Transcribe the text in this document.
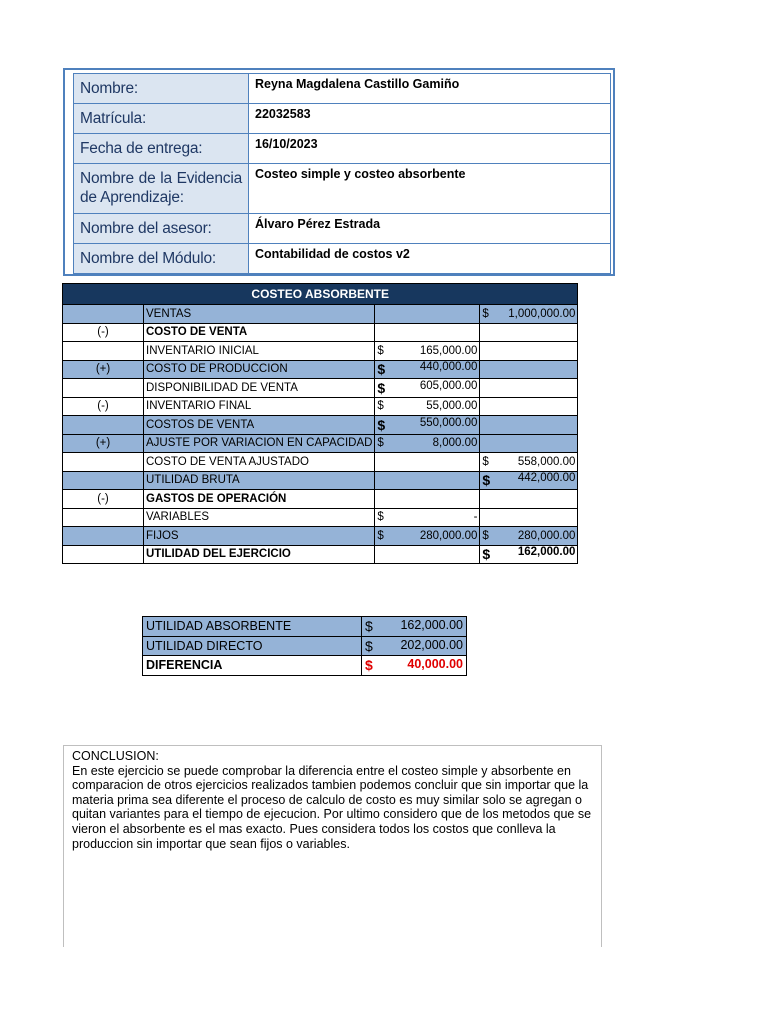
Nombre:	Reyna Magdalena Castillo Gamiño
Matrícula:	22032583
Fecha de entrega:	16/10/2023
Nombre de la Evidencia de Aprendizaje:	Costeo simple y costeo absorbente
Nombre del asesor:	Álvaro Pérez Estrada
Nombre del Módulo:	Contabilidad de costos v2
COSTEO ABSORBENTE			
	VENTAS		$ 1,000,000.00

(-)	COSTO DE VENTA		
	INVENTARIO INICIAL	$ 165,000.00	

(+)	COSTO DE PRODUCCION	$ 440,000.00	

	DISPONIBILIDAD DE VENTA	$ 605,000.00	

(-)	INVENTARIO FINAL	$ 55,000.00	

	COSTOS DE VENTA	$ 550,000.00	

(+)	AJUSTE POR VARIACION EN CAPACIDAD	$ 8,000.00	

	COSTO DE VENTA AJUSTADO		$ 558,000.00

	UTILIDAD BRUTA		$ 442,000.00

(-)	GASTOS DE OPERACIÓN		
	VARIABLES	$ -	

	FIJOS	$ 280,000.00	$ 280,000.00

	UTILIDAD DEL EJERCICIO		$ 162,000.00
UTILIDAD ABSORBENTE	$ 162,000.00

UTILIDAD DIRECTO	$ 202,000.00

DIFERENCIA	$ 40,000.00

CONCLUSION:

En este ejercicio se puede comprobar la diferencia entre el costeo simple y absorbente en comparacion de otros ejercicios realizados tambien podemos concluir que sin importar que la materia prima sea diferente el proceso de calculo de costo es muy similar solo se agregan o quitan variantes para el tiempo de ejecucion. Por ultimo considero que de los metodos que se vieron el absorbente es el mas exacto. Pues considera todos los costos que conlleva la produccion sin importar que sean fijos o variables.
